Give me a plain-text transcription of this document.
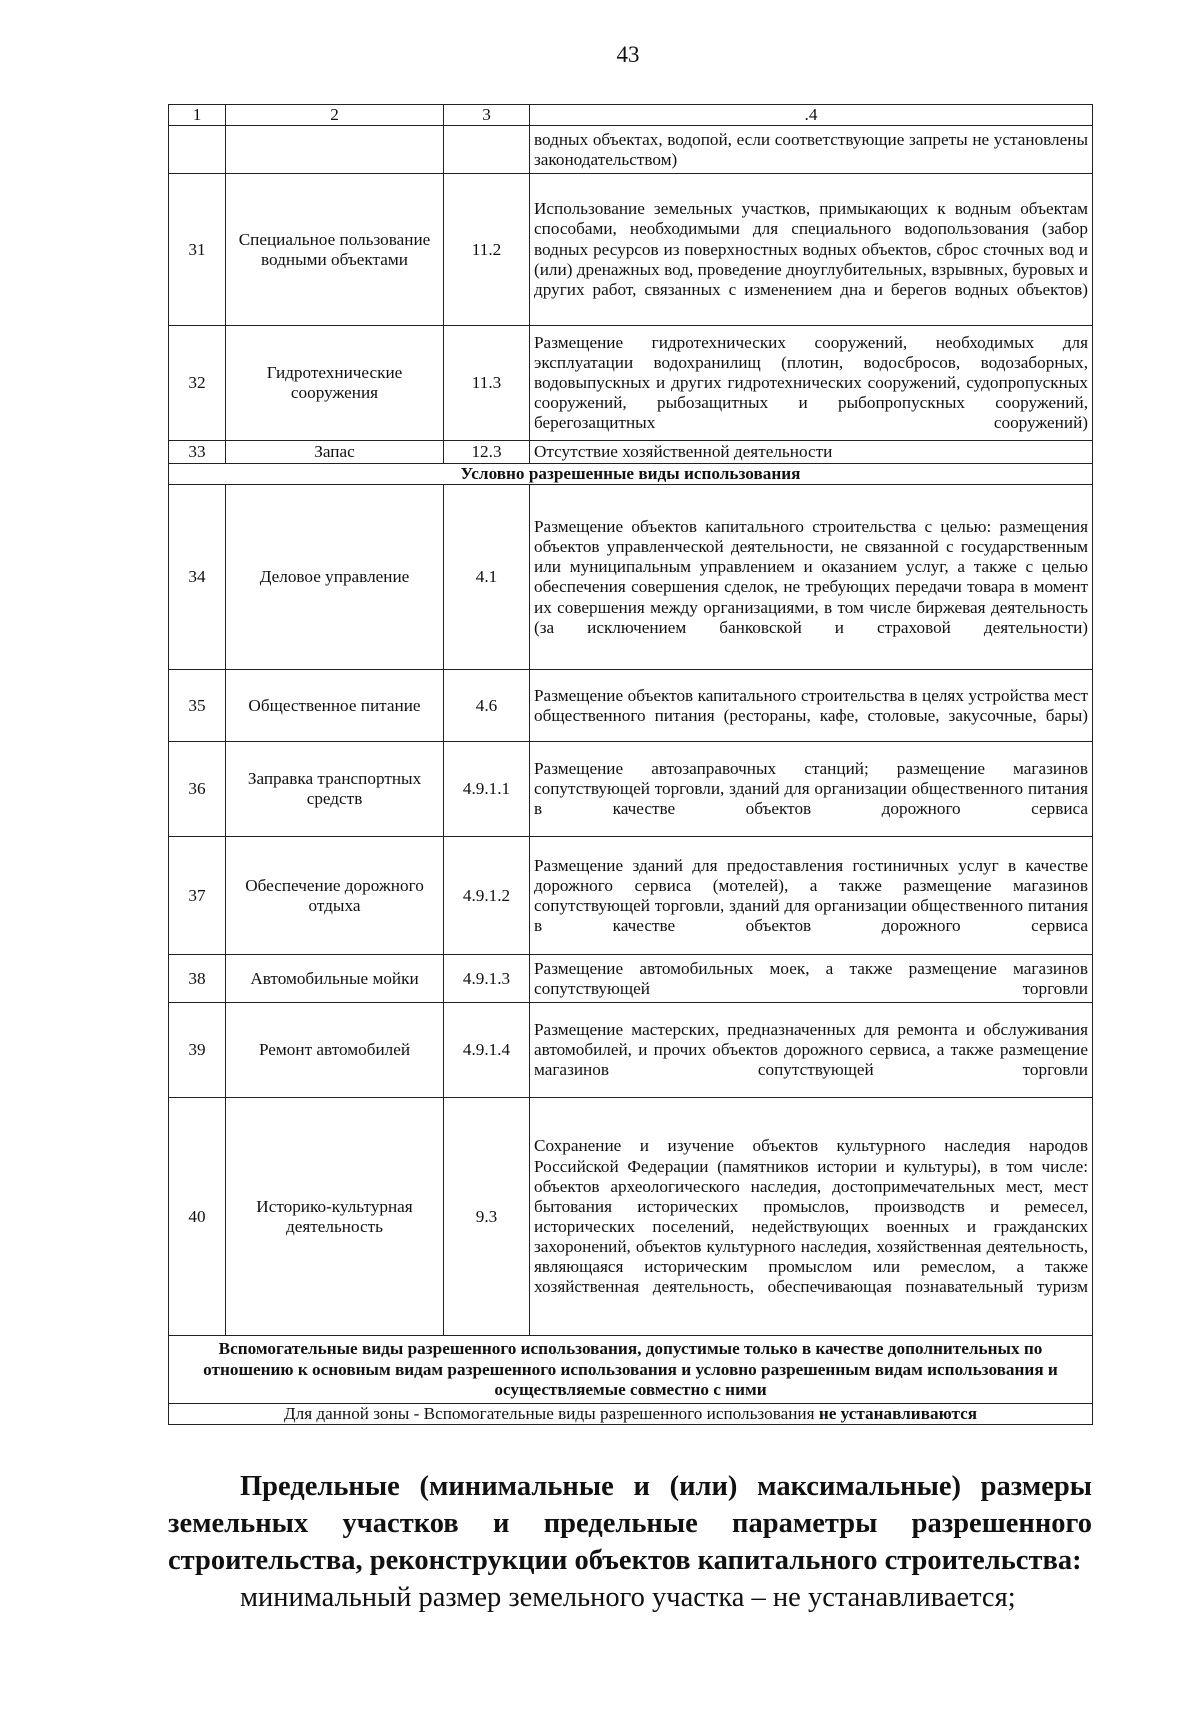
43
1	2	3	.4
			водных объектах, водопой, если соответствующие запреты не установлены законодательством)
31	Специальное пользование водными объектами	11.2	Использование земельных участков, примыкающих к водным объектам способами, необходимыми для специального водопользования (забор водных ресурсов из поверхностных водных объектов, сброс сточных вод и (или) дренажных вод, проведение дноуглубительных, взрывных, буровых и других работ, связанных с изменением дна и берегов водных объектов)
32	Гидротехнические сооружения	11.3	Размещение гидротехнических сооружений, необходимых для эксплуатации водохранилищ (плотин, водосбросов, водозаборных, водовыпускных и других гидротехнических сооружений, судопропускных сооружений, рыбозащитных и рыбопропускных сооружений, берегозащитных сооружений)
33	Запас	12.3	Отсутствие хозяйственной деятельности
Условно разрешенные виды использования			
34	Деловое управление	4.1	Размещение объектов капитального строительства с целью: размещения объектов управленческой деятельности, не связанной с государственным или муниципальным управлением и оказанием услуг, а также с целью обеспечения совершения сделок, не требующих передачи товара в момент их совершения между организациями, в том числе биржевая деятельность (за исключением банковской и страховой деятельности)
35	Общественное питание	4.6	Размещение объектов капитального строительства в целях устройства мест общественного питания (рестораны, кафе, столовые, закусочные, бары)
36	Заправка транспортных средств	4.9.1.1	Размещение автозаправочных станций; размещение магазинов сопутствующей торговли, зданий для организации общественного питания в качестве объектов дорожного сервиса
37	Обеспечение дорожного отдыха	4.9.1.2	Размещение зданий для предоставления гостиничных услуг в качестве дорожного сервиса (мотелей), а также размещение магазинов сопутствующей торговли, зданий для организации общественного питания в качестве объектов дорожного сервиса
38	Автомобильные мойки	4.9.1.3	Размещение автомобильных моек, а также размещение магазинов сопутствующей торговли
39	Ремонт автомобилей	4.9.1.4	Размещение мастерских, предназначенных для ремонта и обслуживания автомобилей, и прочих объектов дорожного сервиса, а также размещение магазинов сопутствующей торговли
40	Историко-культурная деятельность	9.3	Сохранение и изучение объектов культурного наследия народов Российской Федерации (памятников истории и культуры), в том числе: объектов археологического наследия, достопримечательных мест, мест бытования исторических промыслов, производств и ремесел, исторических поселений, недействующих военных и гражданских захоронений, объектов культурного наследия, хозяйственная деятельность, являющаяся историческим промыслом или ремеслом, а также хозяйственная деятельность, обеспечивающая познавательный туризм
Вспомогательные виды разрешенного использования, допустимые только в качестве дополнительных по отношению к основным видам разрешенного использования и условно разрешенным видам использования и осуществляемые совместно с ними			
Для данной зоны - Вспомогательные виды разрешенного использования не устанавливаются			

Предельные (минимальные и (или) максимальные) размеры земельных участков и предельные параметры разрешенного строительства, реконструкции объектов капитального строительства:

минимальный размер земельного участка – не устанавливается;
